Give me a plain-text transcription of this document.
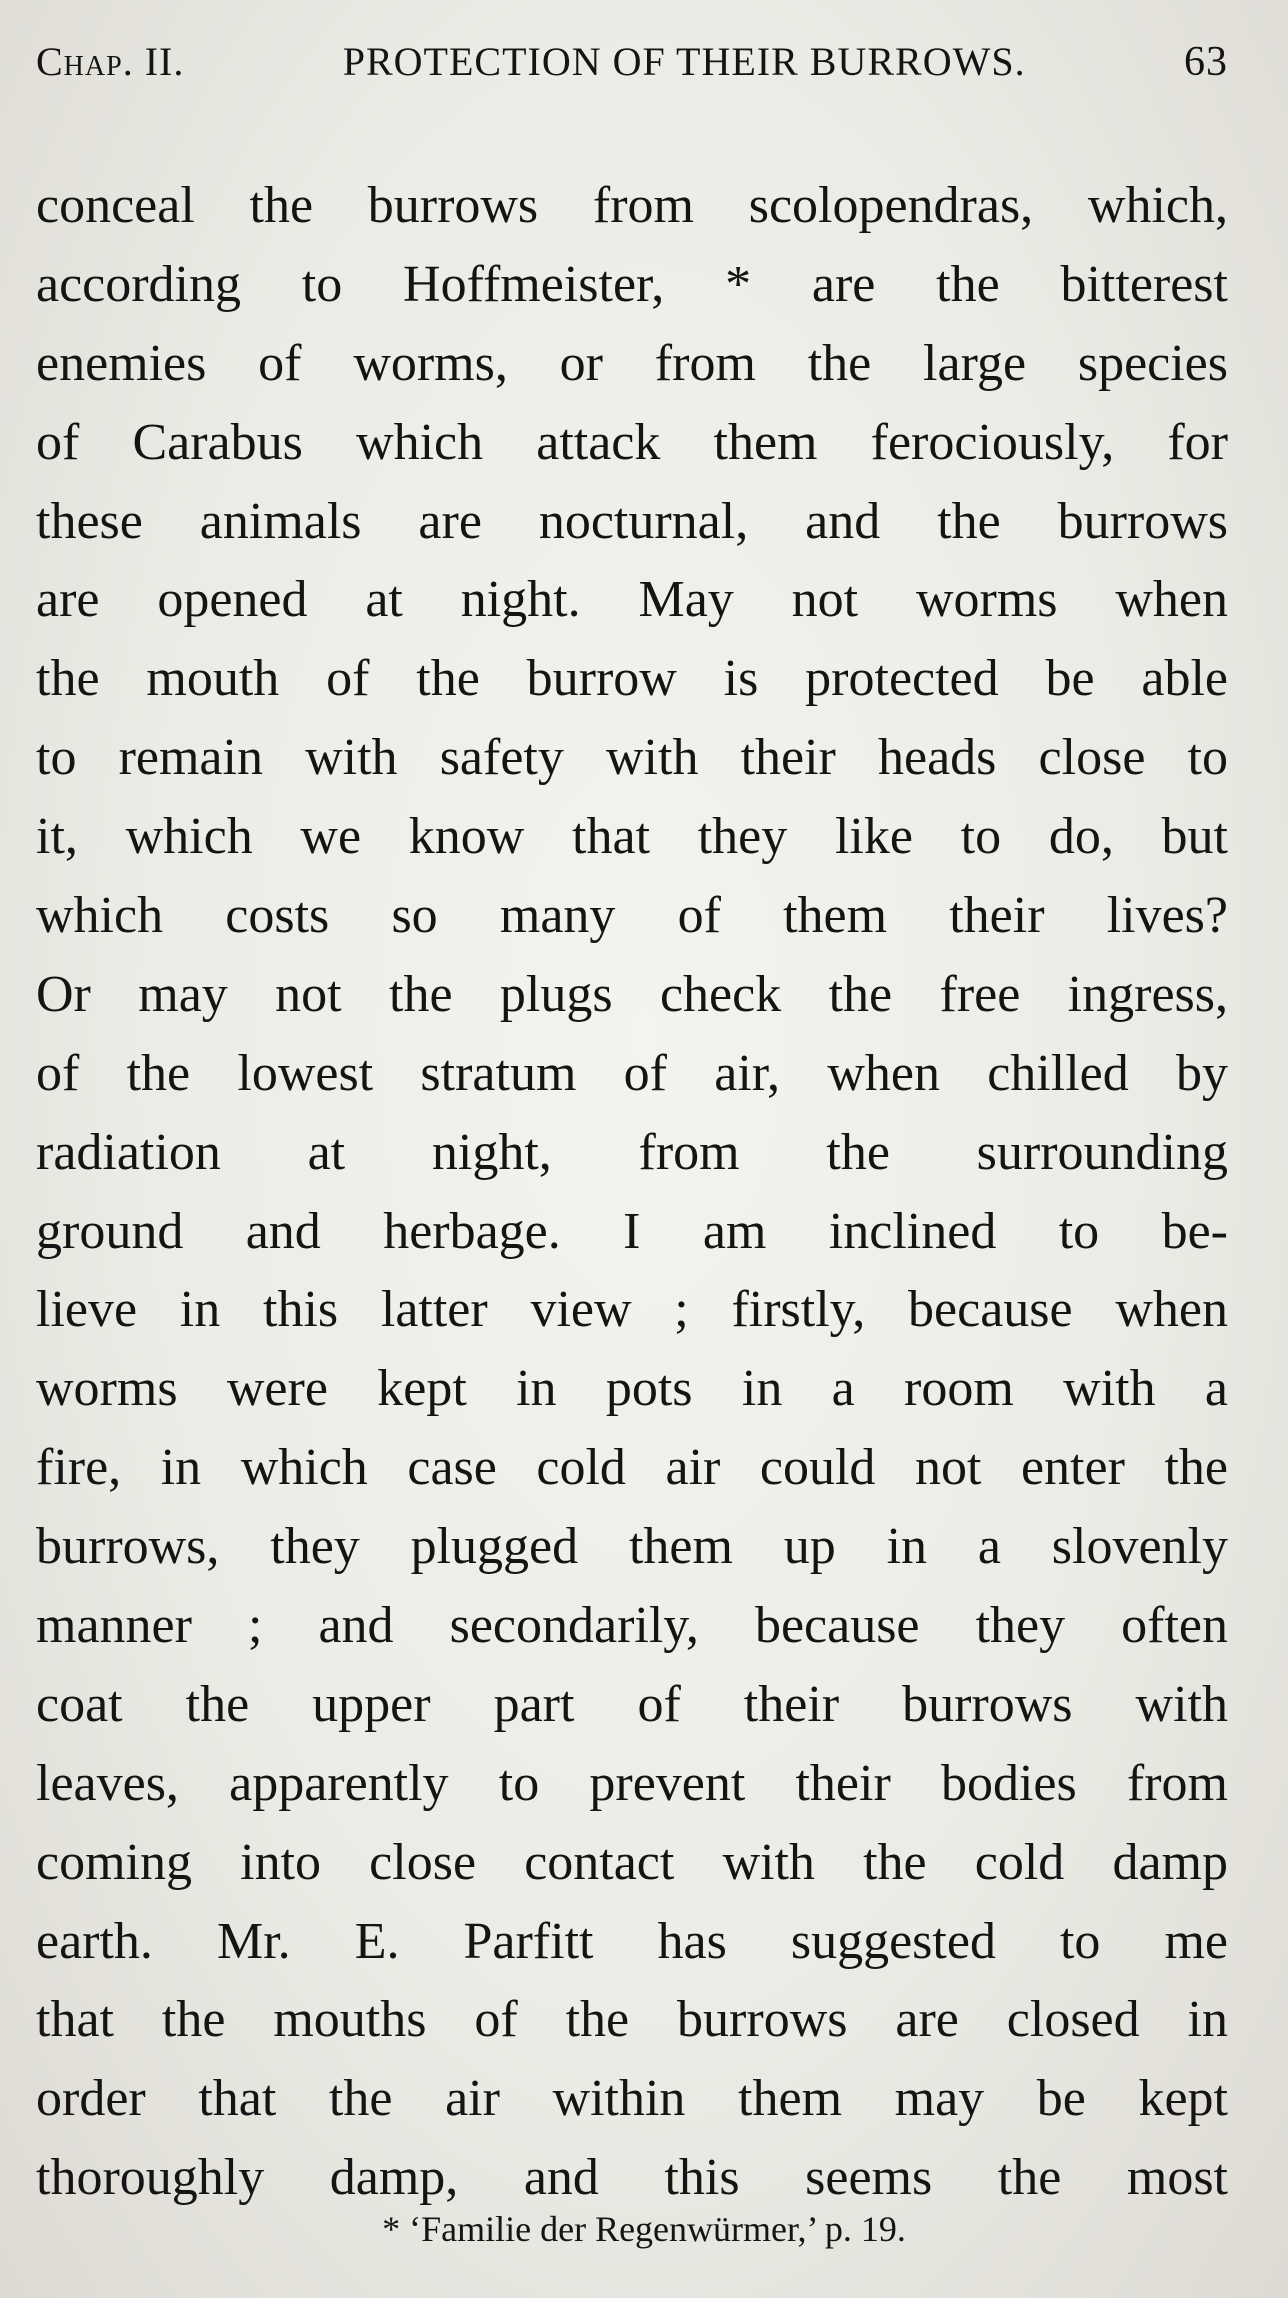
Chap. II.	PROTECTION OF THEIR BURROWS.	63
conceal the burrows from scolopendras, which,
according to Hoffmeister, * are the bitterest
enemies of worms, or from the large species
of Carabus which attack them ferociously, for
these animals are nocturnal, and the burrows
are opened at night. May not worms when
the mouth of the burrow is protected be able
to remain with safety with their heads close to
it, which we know that they like to do, but
which costs so many of them their lives?
Or may not the plugs check the free ingress,
of the lowest stratum of air, when chilled by
radiation at night, from the surrounding
ground and herbage. I am inclined to be-
lieve in this latter view ; firstly, because when
worms were kept in pots in a room with a
fire, in which case cold air could not enter the
burrows, they plugged them up in a slovenly
manner ; and secondarily, because they often
coat the upper part of their burrows with
leaves, apparently to prevent their bodies from
coming into close contact with the cold damp
earth. Mr. E. Parfitt has suggested to me
that the mouths of the burrows are closed in
order that the air within them may be kept
thoroughly damp, and this seems the most
* ‘Familie der Regenwürmer,’ p. 19.
